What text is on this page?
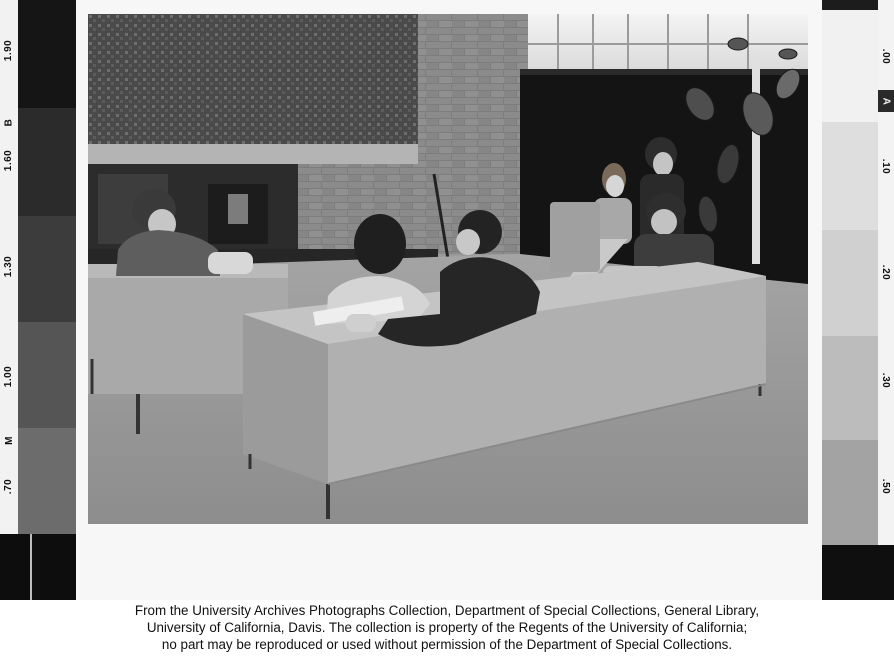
1.90
B
1.60
1.30
1.00
M
.70
.00
A
.10
.20
.30
.50
From the University Archives Photographs Collection, Department of Special Collections, General Library,
University of California, Davis. The collection is property of the Regents of the University of California;
no part may be reproduced or used without permission of the Department of Special Collections.
